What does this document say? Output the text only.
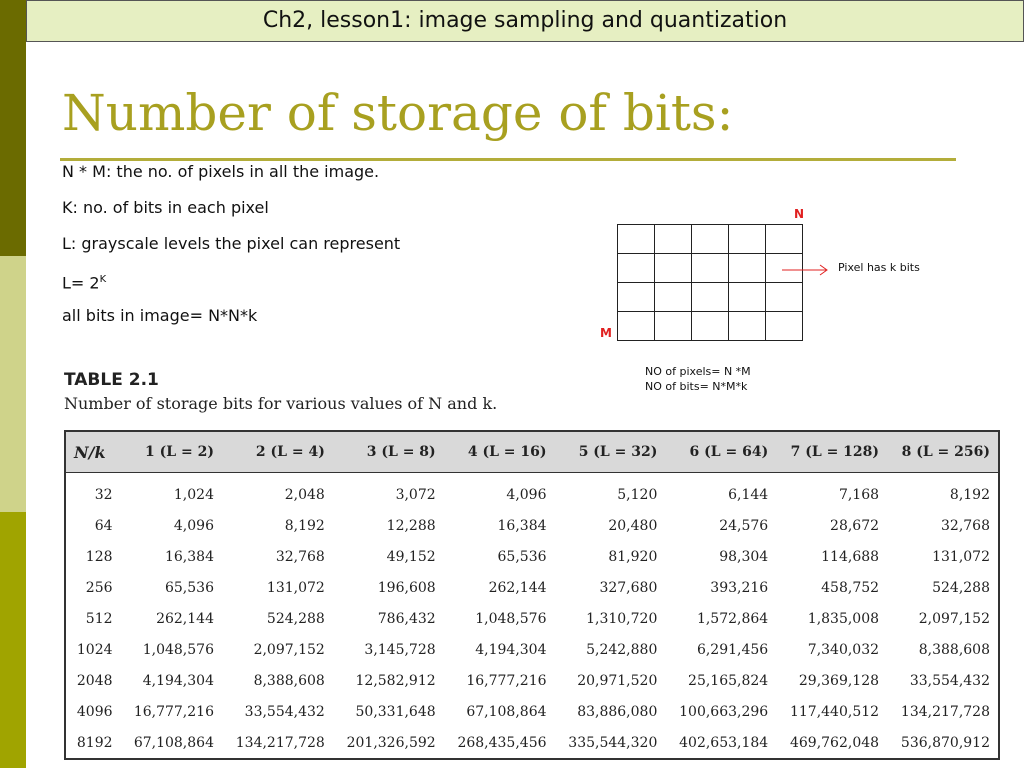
Ch2, lesson1: image sampling and quantization
Number of storage of bits:
N * M: the no. of pixels in all the image.
K: no. of bits in each pixel
L: grayscale levels the pixel can represent
$L= 2^K$
all bits in image= N*N*k

N
M
Pixel has k bits
NO of pixels= N *M
NO of bits= N*M*k
TABLE 2.1
Number of storage bits for various values of N and k.
N/k	1 (L = 2)	2 (L = 4)	3 (L = 8)	4 (L = 16)	5 (L = 32)	6 (L = 64)	7 (L = 128)	8 (L = 256)
32	1,024	2,048	3,072	4,096	5,120	6,144	7,168	8,192
64	4,096	8,192	12,288	16,384	20,480	24,576	28,672	32,768
128	16,384	32,768	49,152	65,536	81,920	98,304	114,688	131,072
256	65,536	131,072	196,608	262,144	327,680	393,216	458,752	524,288
512	262,144	524,288	786,432	1,048,576	1,310,720	1,572,864	1,835,008	2,097,152
1024	1,048,576	2,097,152	3,145,728	4,194,304	5,242,880	6,291,456	7,340,032	8,388,608
2048	4,194,304	8,388,608	12,582,912	16,777,216	20,971,520	25,165,824	29,369,128	33,554,432
4096	16,777,216	33,554,432	50,331,648	67,108,864	83,886,080	100,663,296	117,440,512	134,217,728
8192	67,108,864	134,217,728	201,326,592	268,435,456	335,544,320	402,653,184	469,762,048	536,870,912
